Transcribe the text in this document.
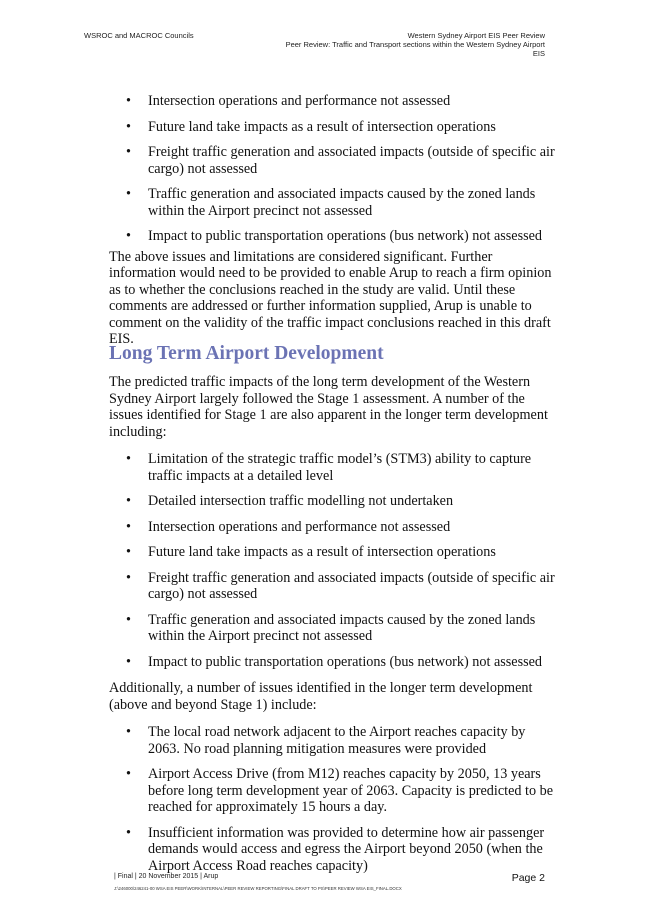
WSROC and MACROC Councils	Western Sydney Airport EIS Peer Review
Peer Review: Traffic and Transport sections within the Western Sydney Airport
EIS
• Intersection operations and performance not assessed
• Future land take impacts as a result of intersection operations
• Freight traffic generation and associated impacts (outside of specific air cargo) not assessed
• Traffic generation and associated impacts caused by the zoned lands within the Airport precinct not assessed
• Impact to public transportation operations (bus network) not assessed

The above issues and limitations are considered significant. Further information would need to be provided to enable Arup to reach a firm opinion as to whether the conclusions reached in the study are valid. Until these comments are addressed or further information supplied, Arup is unable to comment on the validity of the traffic impact conclusions reached in this draft EIS.

Long Term Airport Development

The predicted traffic impacts of the long term development of the Western Sydney Airport largely followed the Stage 1 assessment. A number of the issues identified for Stage 1 are also apparent in the longer term development including:

• Limitation of the strategic traffic model’s (STM3) ability to capture traffic impacts at a detailed level
• Detailed intersection traffic modelling not undertaken
• Intersection operations and performance not assessed
• Future land take impacts as a result of intersection operations
• Freight traffic generation and associated impacts (outside of specific air cargo) not assessed
• Traffic generation and associated impacts caused by the zoned lands within the Airport precinct not assessed
• Impact to public transportation operations (bus network) not assessed

Additionally, a number of issues identified in the longer term development (above and beyond Stage 1) include:

• The local road network adjacent to the Airport reaches capacity by 2063. No road planning mitigation measures were provided
• Airport Access Drive (from M12) reaches capacity by 2050, 13 years before long term development year of 2063. Capacity is predicted to be reached for approximately 15 hours a day.
• Insufficient information was provided to determine how air passenger demands would access and egress the Airport beyond 2050 (when the Airport Access Road reaches capacity)
| Final | 20 November 2015 | Arup
J:\246000\246241-00 WSA EIS PEER\WORK\INTERNAL\PEER REVIEW REPORTING\FINAL DRAFT TO PS\PEER REVIEW WSA EIS_FINAL.DOCX
Page 2
